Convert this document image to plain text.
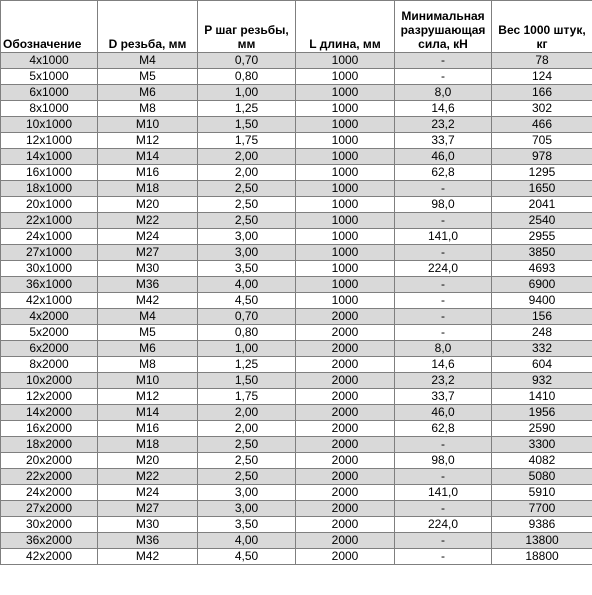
Обозначение	D резьба, мм	P шаг резьбы, мм	L длина, мм	Минимальная разрушающая сила, кН	Вес 1000 штук, кг
4x1000	M4	0,70	1000	-	78
5x1000	M5	0,80	1000	-	124
6x1000	M6	1,00	1000	8,0	166
8x1000	M8	1,25	1000	14,6	302
10x1000	M10	1,50	1000	23,2	466
12x1000	M12	1,75	1000	33,7	705
14x1000	M14	2,00	1000	46,0	978
16x1000	M16	2,00	1000	62,8	1295
18x1000	M18	2,50	1000	-	1650
20x1000	M20	2,50	1000	98,0	2041
22x1000	M22	2,50	1000	-	2540
24x1000	M24	3,00	1000	141,0	2955
27x1000	M27	3,00	1000	-	3850
30x1000	M30	3,50	1000	224,0	4693
36x1000	M36	4,00	1000	-	6900
42x1000	M42	4,50	1000	-	9400
4x2000	M4	0,70	2000	-	156
5x2000	M5	0,80	2000	-	248
6x2000	M6	1,00	2000	8,0	332
8x2000	M8	1,25	2000	14,6	604
10x2000	M10	1,50	2000	23,2	932
12x2000	M12	1,75	2000	33,7	1410
14x2000	M14	2,00	2000	46,0	1956
16x2000	M16	2,00	2000	62,8	2590
18x2000	M18	2,50	2000	-	3300
20x2000	M20	2,50	2000	98,0	4082
22x2000	M22	2,50	2000	-	5080
24x2000	M24	3,00	2000	141,0	5910
27x2000	M27	3,00	2000	-	7700
30x2000	M30	3,50	2000	224,0	9386
36x2000	M36	4,00	2000	-	13800
42x2000	M42	4,50	2000	-	18800
